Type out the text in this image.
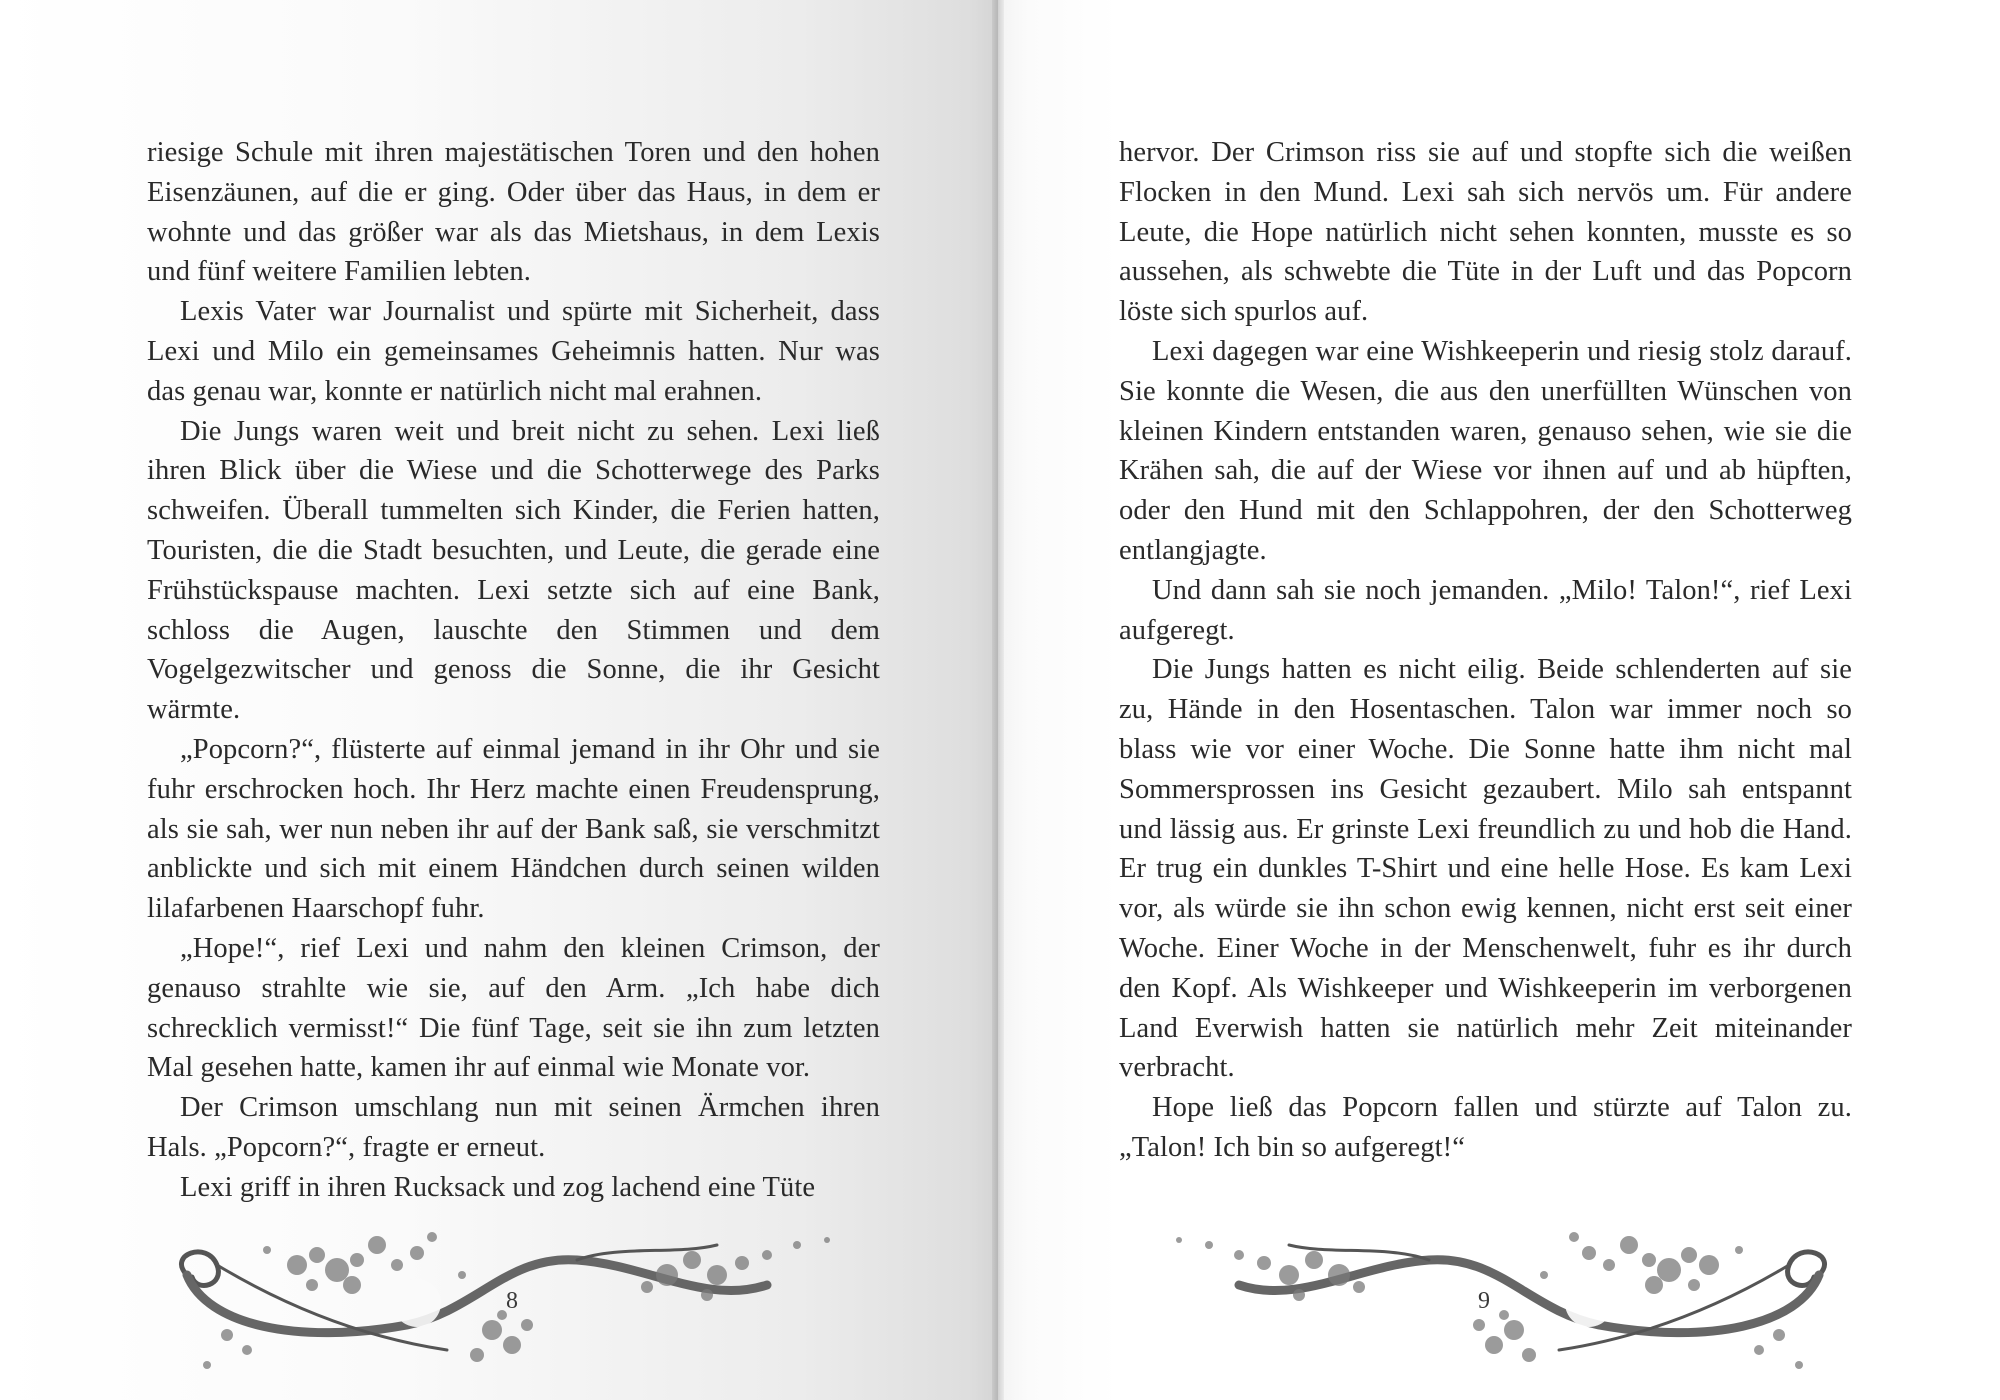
riesige Schule mit ihren majestätischen Toren und den hohen Eisenzäunen, auf die er ging. Oder über das Haus, in dem er wohnte und das größer war als das Mietshaus, in dem Lexis und fünf weitere Familien lebten.

Lexis Vater war Journalist und spürte mit Sicherheit, dass Lexi und Milo ein gemeinsames Geheimnis hatten. Nur was das genau war, konnte er natürlich nicht mal erahnen.

Die Jungs waren weit und breit nicht zu sehen. Lexi ließ ihren Blick über die Wiese und die Schotterwege des Parks schweifen. Überall tummelten sich Kinder, die Ferien hatten, Touristen, die die Stadt besuchten, und Leute, die gerade eine Frühstückspause machten. Lexi setzte sich auf eine Bank, schloss die Augen, lauschte den Stimmen und dem Vogelgezwitscher und genoss die Sonne, die ihr Gesicht wärmte.

„Popcorn?“, flüsterte auf einmal jemand in ihr Ohr und sie fuhr erschrocken hoch. Ihr Herz machte einen Freudensprung, als sie sah, wer nun neben ihr auf der Bank saß, sie verschmitzt anblickte und sich mit einem Händchen durch seinen wilden lilafarbenen Haarschopf fuhr.

„Hope!“, rief Lexi und nahm den kleinen Crimson, der genauso strahlte wie sie, auf den Arm. „Ich habe dich schrecklich vermisst!“ Die fünf Tage, seit sie ihn zum letzten Mal gesehen hatte, kamen ihr auf einmal wie Monate vor.

Der Crimson umschlang nun mit seinen Ärmchen ihren Hals. „Popcorn?“, fragte er erneut.

Lexi griff in ihren Rucksack und zog lachend eine Tüte

8

hervor. Der Crimson riss sie auf und stopfte sich die weißen Flocken in den Mund. Lexi sah sich nervös um. Für andere Leute, die Hope natürlich nicht sehen konnten, musste es so aussehen, als schwebte die Tüte in der Luft und das Popcorn löste sich spurlos auf.

Lexi dagegen war eine Wishkeeperin und riesig stolz darauf. Sie konnte die Wesen, die aus den unerfüllten Wünschen von kleinen Kindern entstanden waren, genauso sehen, wie sie die Krähen sah, die auf der Wiese vor ihnen auf und ab hüpften, oder den Hund mit den Schlappohren, der den Schotterweg entlangjagte.

Und dann sah sie noch jemanden. „Milo! Talon!“, rief Lexi aufgeregt.

Die Jungs hatten es nicht eilig. Beide schlenderten auf sie zu, Hände in den Hosentaschen. Talon war immer noch so blass wie vor einer Woche. Die Sonne hatte ihm nicht mal Sommersprossen ins Gesicht gezaubert. Milo sah entspannt und lässig aus. Er grinste Lexi freundlich zu und hob die Hand. Er trug ein dunkles T-Shirt und eine helle Hose. Es kam Lexi vor, als würde sie ihn schon ewig kennen, nicht erst seit einer Woche. Einer Woche in der Menschenwelt, fuhr es ihr durch den Kopf. Als Wishkeeper und Wishkeeperin im verborgenen Land Everwish hatten sie natürlich mehr Zeit miteinander verbracht.

Hope ließ das Popcorn fallen und stürzte auf Talon zu. „Talon! Ich bin so aufgeregt!“

9
